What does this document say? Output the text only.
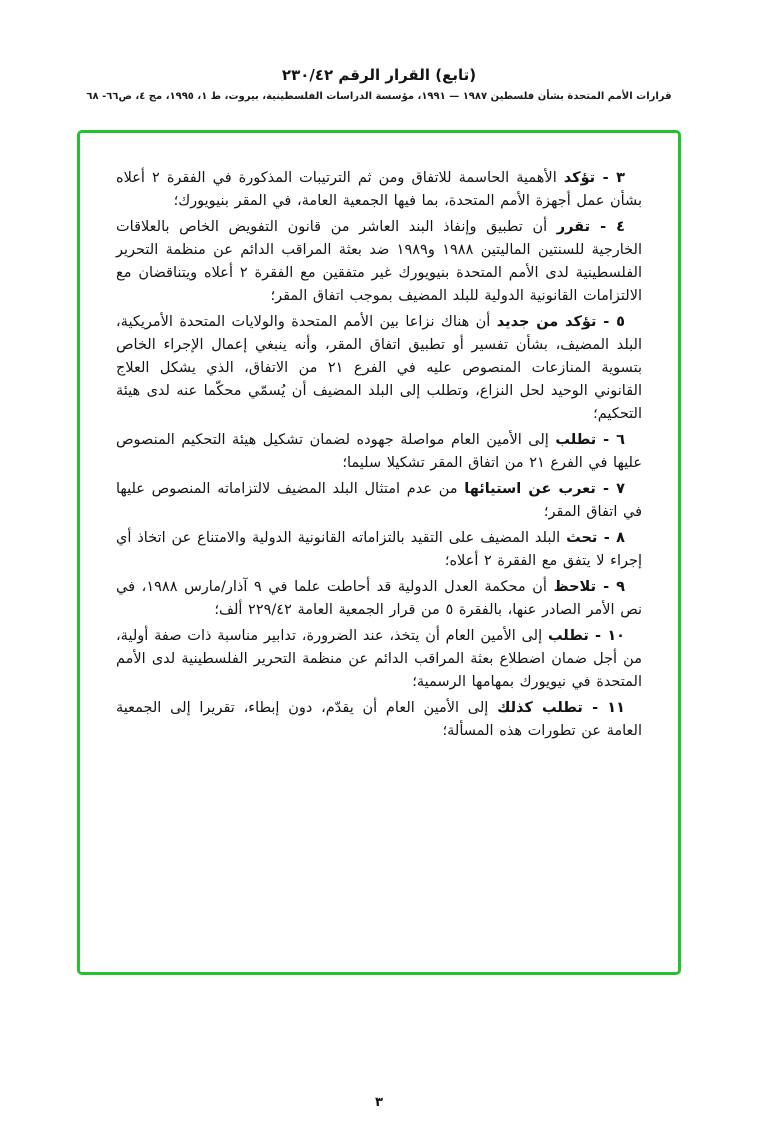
(تابع) القرار الرقم ٢٣٠/٤٢
قرارات الأمم المتحدة بشأن فلسطين ١٩٨٧ — ١٩٩١، مؤسسة الدراسات الفلسطينية، بيروت، ط ١، ١٩٩٥، مج ٤، ص٦٦- ٦٨

٣ - تؤكد الأهمية الحاسمة للاتفاق ومن ثم الترتيبات المذكورة في الفقرة ٢ أعلاه بشأن عمل أجهزة الأمم المتحدة، بما فيها الجمعية العامة، في المقر بنيويورك؛

٤ - تقرر أن تطبيق وإنفاذ البند العاشر من قانون التفويض الخاص بالعلاقات الخارجية للسنتين الماليتين ١٩٨٨ و١٩٨٩ ضد بعثة المراقب الدائم عن منظمة التحرير الفلسطينية لدى الأمم المتحدة بنيويورك غير متفقين مع الفقرة ٢ أعلاه ويتناقضان مع الالتزامات القانونية الدولية للبلد المضيف بموجب اتفاق المقر؛

٥ - تؤكد من جديد أن هناك نزاعا بين الأمم المتحدة والولايات المتحدة الأمريكية، البلد المضيف، بشأن تفسير أو تطبيق اتفاق المقر، وأنه ينبغي إعمال الإجراء الخاص بتسوية المنازعات المنصوص عليه في الفرع ٢١ من الاتفاق، الذي يشكل العلاج القانوني الوحيد لحل النزاع، وتطلب إلى البلد المضيف أن يُسمّي محكّما عنه لدى هيئة التحكيم؛

٦ - تطلب إلى الأمين العام مواصلة جهوده لضمان تشكيل هيئة التحكيم المنصوص عليها في الفرع ٢١ من اتفاق المقر تشكيلا سليما؛

٧ - تعرب عن استيائها من عدم امتثال البلد المضيف لالتزاماته المنصوص عليها في اتفاق المقر؛

٨ - تحث البلد المضيف على التقيد بالتزاماته القانونية الدولية والامتناع عن اتخاذ أي إجراء لا يتفق مع الفقرة ٢ أعلاه؛

٩ - تلاحظ أن محكمة العدل الدولية قد أحاطت علما في ٩ آذار/مارس ١٩٨٨، في نص الأمر الصادر عنها، بالفقرة ٥ من قرار الجمعية العامة ٢٢٩/٤٢ ألف؛

١٠ - تطلب إلى الأمين العام أن يتخذ، عند الضرورة، تدابير مناسبة ذات صفة أولية، من أجل ضمان اضطلاع بعثة المراقب الدائم عن منظمة التحرير الفلسطينية لدى الأمم المتحدة في نيويورك بمهامها الرسمية؛

١١ - تطلب كذلك إلى الأمين العام أن يقدّم، دون إبطاء، تقريرا إلى الجمعية العامة عن تطورات هذه المسألة؛

٣
